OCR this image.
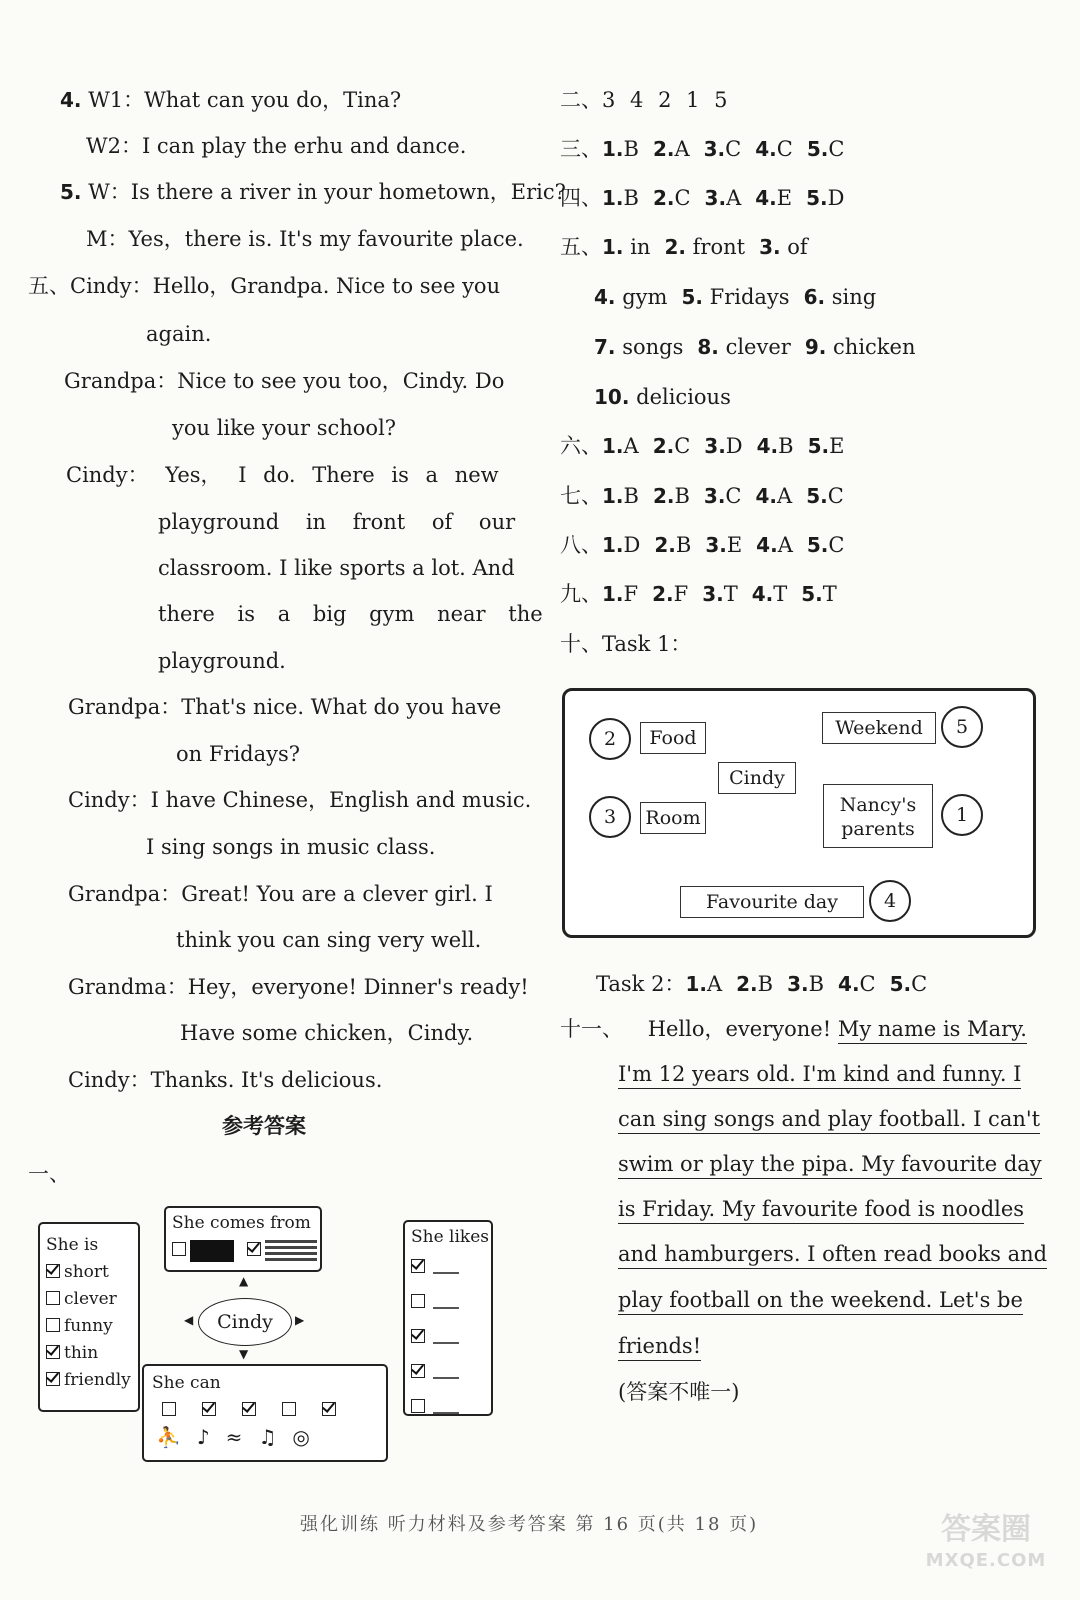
4. W1：What can you do，Tina?
W2：I can play the erhu and dance.
5. W：Is there a river in your hometown，Eric?
M：Yes，there is. It's my favourite place.
五、Cindy：Hello，Grandpa. Nice to see you
again.
Grandpa：Nice to see you too，Cindy. Do
you like your school?
Cindy： Yes， I do. There is a new
playground in front of our
classroom. I like sports a lot. And
there is a big gym near the
playground.
Grandpa：That's nice. What do you have
on Fridays?
Cindy：I have Chinese，English and music.
I sing songs in music class.
Grandpa：Great! You are a clever girl. I
think you can sing very well.
Grandma：Hey，everyone! Dinner's ready!
Have some chicken，Cindy.
Cindy：Thanks. It's delicious.
参考答案
一、
She is
short
clever
funny
thin
friendly
She comes from

▲
◀	▶
▼
Cindy
She can
⛹♪≈♫◎
She likes
二、3 4 2 1 5
三、1.B 2.A 3.C 4.C 5.C
四、1.B 2.C 3.A 4.E 5.D
五、1. in 2. front 3. of
4. gym 5. Fridays 6. sing
7. songs 8. clever 9. chicken
10. delicious
六、1.A 2.C 3.D 4.B 5.E
七、1.B 2.B 3.C 4.A 5.C
八、1.D 2.B 3.E 4.A 5.C
九、1.F 2.F 3.T 4.T 5.T
十、Task 1：
2	Food	Weekend	5
Cindy
3	Room
Nancy's
parents
1
Favourite day	4
Task 2：1.A 2.B 3.B 4.C 5.C
十一、 Hello，everyone! My name is Mary.
I'm 12 years old. I'm kind and funny. I
can sing songs and play football. I can't
swim or play the pipa. My favourite day
is Friday. My favourite food is noodles
and hamburgers. I often read books and
play football on the weekend. Let's be
friends!
(答案不唯一)
强化训练 听力材料及参考答案 第 16 页(共 18 页)	答案圈
MXQE.COM
